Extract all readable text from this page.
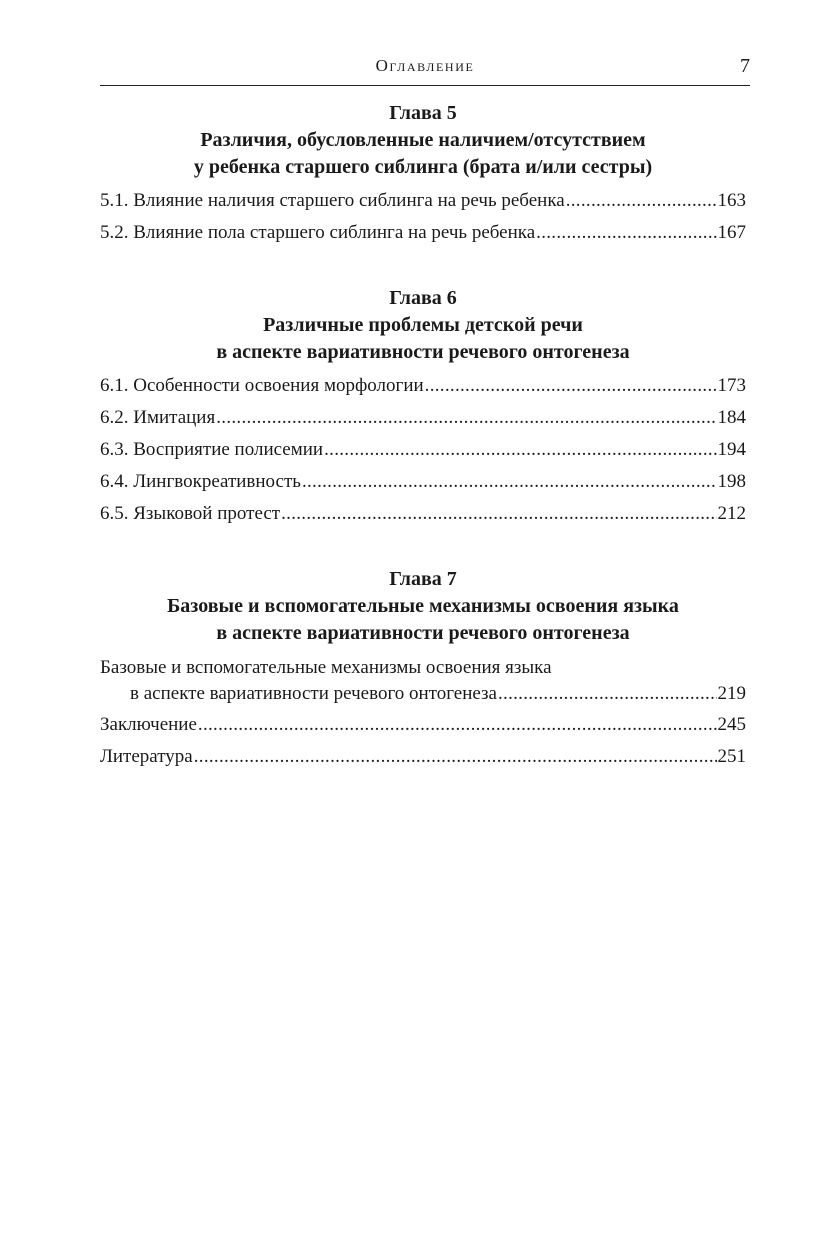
Оглавление	7
Глава 5
Различия, обусловленные наличием/отсутствием
у ребенка старшего сиблинга (брата и/или сестры)
5.1. Влияние наличия старшего сиблинга на речь ребенка .....	163
5.2. Влияние пола старшего сиблинга на речь ребенка .....	167
Глава 6
Различные проблемы детской речи
в аспекте вариативности речевого онтогенеза
6.1. Особенности освоения морфологии .....	173
6.2. Имитация .....	184
6.3. Восприятие полисемии .....	194
6.4. Лингвокреативность .....	198
6.5. Языковой протест .....	212
Глава 7
Базовые и вспомогательные механизмы освоения языка
в аспекте вариативности речевого онтогенеза
Базовые и вспомогательные механизмы освоения языка
в аспекте вариативности речевого онтогенеза .....	219
Заключение .....	245
Литература .....	251
